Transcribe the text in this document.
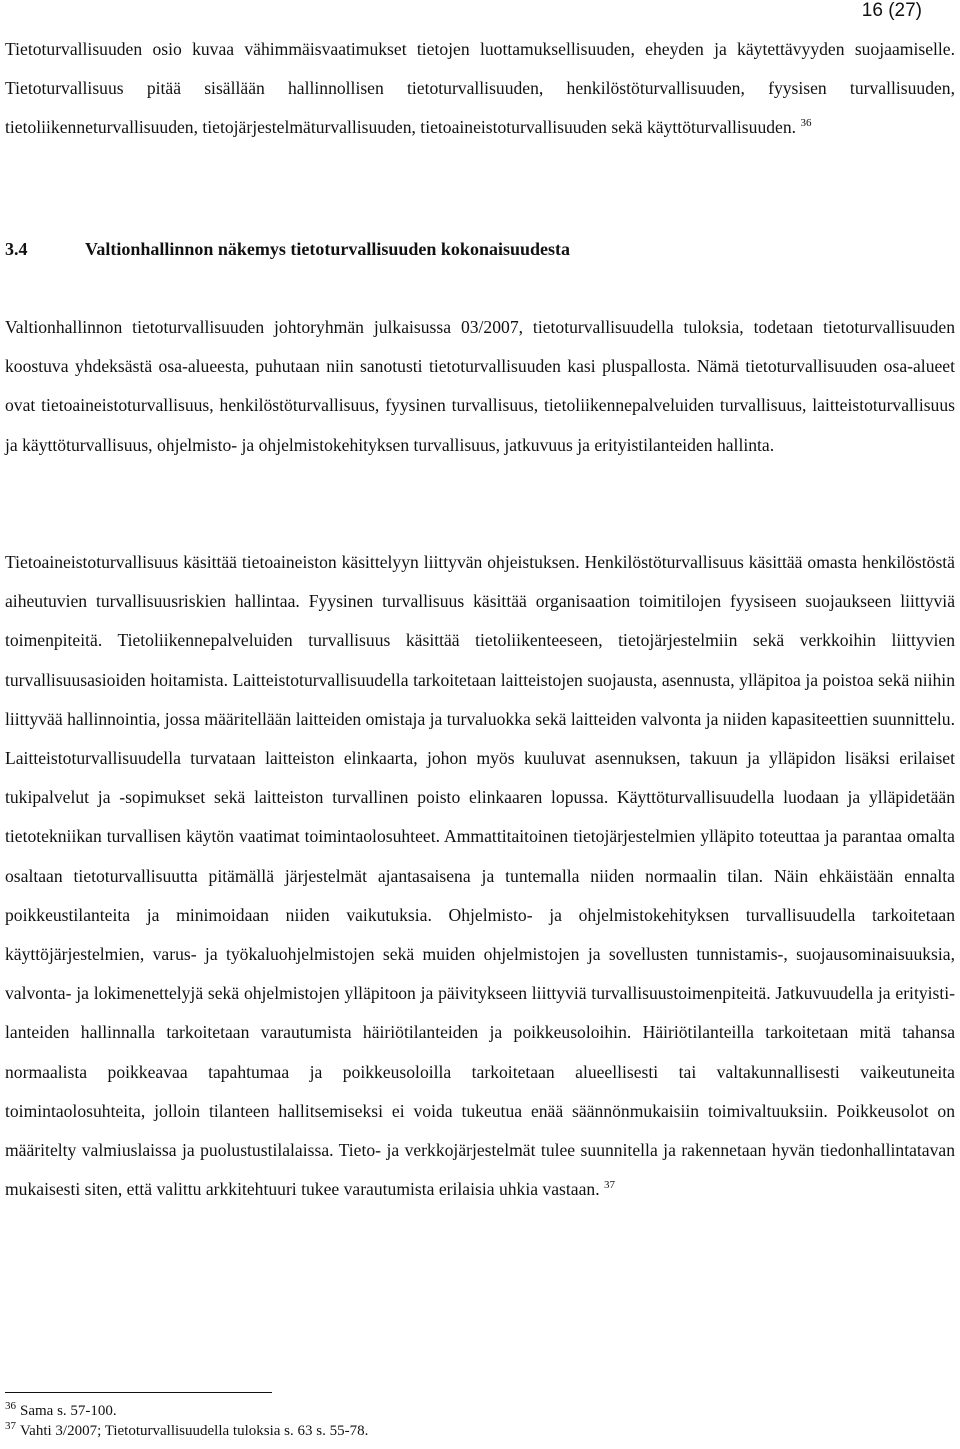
16 (27)

Tietoturvallisuuden osio kuvaa vähimmäisvaatimukset tietojen luottamuksellisuuden, eheyden ja käytettävyyden suojaamiselle. Tietoturvallisuus pitää sisällään hallinnollisen tietoturvallisuuden, henkilöstöturvallisuuden, fyysisen turvallisuuden, tietoliikenneturvallisuuden, tietojärjestelmäturvallisuuden, tietoaineistoturvallisuuden sekä käyttöturvallisuuden. $^{36}$

3.4	Valtionhallinnon näkemys tietoturvallisuuden kokonaisuudesta

Valtionhallinnon tietoturvallisuuden johtoryhmän julkaisussa 03/2007, tietoturvallisuudella tuloksia, todetaan tietoturvallisuuden koostuva yhdeksästä osa-alueesta, puhutaan niin sanotusti tietoturvallisuuden kasi pluspallosta. Nämä tietoturvallisuuden osa-alueet ovat tietoaineistoturvallisuus, henkilöstöturvallisuus, fyysinen turvallisuus, tietoliikennepalveluiden turvallisuus, laitteistoturvallisuus ja käyttöturvallisuus, ohjelmisto- ja ohjelmistokehityksen turvallisuus, jatkuvuus ja erityistilanteiden hallinta.

Tietoaineistoturvallisuus käsittää tietoaineiston käsittelyyn liittyvän ohjeistuksen. Henkilöstöturvallisuus käsittää omasta henkilöstöstä aiheutuvien turvallisuusriskien hallintaa. Fyysinen turvallisuus käsittää organisaation toimitilojen fyysiseen suojaukseen liittyviä toimenpiteitä. Tietoliikennepalveluiden turvallisuus käsittää tietoliikenteeseen, tietojärjestelmiin sekä verkkoihin liittyvien turvallisuusasioiden hoitamista. Laitteistoturvallisuudella tarkoitetaan laitteistojen suojausta, asennusta, ylläpitoa ja poistoa sekä niihin liittyvää hallinnointia, jossa määritellään laitteiden omistaja ja turvaluokka sekä laitteiden valvonta ja niiden kapasiteettien suunnittelu. Laitteistoturvallisuudella turvataan laitteiston elinkaarta, johon myös kuuluvat asennuksen, takuun ja ylläpidon lisäksi erilaiset tukipalvelut ja -sopimukset sekä laitteiston turvallinen poisto elinkaaren lopussa. Käyttöturvallisuudella luodaan ja ylläpidetään tietotekniikan turvallisen käytön vaatimat toimintaolosuhteet. Ammattitaitoinen tietojärjestelmien ylläpito toteuttaa ja parantaa omalta osaltaan tietoturvallisuutta pitämällä järjestelmät ajantasaisena ja tuntemalla niiden normaalin tilan. Näin ehkäistään ennalta poikkeustilanteita ja minimoidaan niiden vaikutuksia. Ohjelmisto- ja ohjelmistokehityksen turvallisuudella tarkoitetaan käyttöjärjestelmien, varus- ja työkaluohjelmistojen sekä muiden ohjelmistojen ja sovellusten tunnistamis-, suojausominaisuuksia, valvonta- ja lokimenettelyjä sekä ohjelmistojen ylläpitoon ja päivitykseen liittyviä turvallisuustoimenpiteitä. Jatkuvuudella ja erityistilanteiden hallinnalla tarkoitetaan varautumista häiriötilanteiden ja poikkeusoloihin. Häiriötilanteilla tarkoitetaan mitä tahansa normaalista poikkeavaa tapahtumaa ja poikkeusoloilla tarkoitetaan alueellisesti tai valtakunnallisesti vaikeutuneita toimintaolosuhteita, jolloin tilanteen hallitsemiseksi ei voida tukeutua enää säännönmukaisiin toimivaltuuksiin. Poikkeusolot on määritelty valmiuslaissa ja puolustustilalaissa. Tieto- ja verkkojärjestelmät tulee suunnitella ja rakennetaan hyvän tiedonhallintatavan mukaisesti siten, että valittu arkkitehtuuri tukee varautumista erilaisia uhkia vastaan. $^{37}$

$^{36}$ Sama s. 57-100.
$^{37}$ Vahti 3/2007; Tietoturvallisuudella tuloksia s. 63 s. 55-78.
